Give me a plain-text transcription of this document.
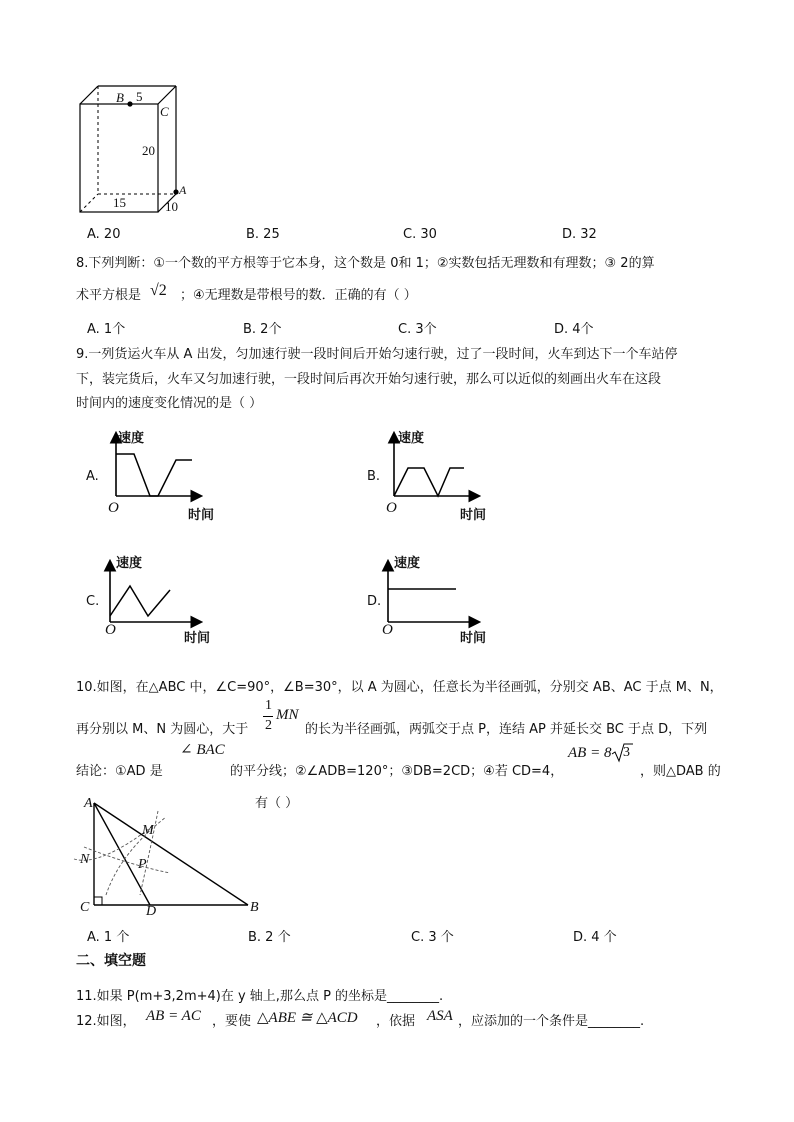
B 5
C
20
A
15	10
A. 20	B. 25	C. 30	D. 32
8.下列判断：①一个数的平方根等于它本身，这个数是 0和 1；②实数包括无理数和有理数；③ 2的算
术平方根是 √2 ；④无理数是带根号的数．正确的有（ ）
A. 1个	B. 2个	C. 3个	D. 4个
9.一列货运火车从 A 出发，匀加速行驶一段时间后开始匀速行驶，过了一段时间，火车到达下一个车站停
下，装完货后，火车又匀加速行驶，一段时间后再次开始匀速行驶，那么可以近似的刻画出火车在这段
时间内的速度变化情况的是（ ）
A.
速度
O	时间
B.
速度
O	时间
C.
速度
O
时间
D.
速度
O
时间
10.如图，在△ABC 中，∠C=90°，∠B=30°，以 A 为圆心，任意长为半径画弧，分别交 AB、AC 于点 M、N，
再分别以 M、N 为圆心，大于
1
2
MN
的长为半径画弧，两弧交于点 P，连结 AP 并延长交 BC 于点 D，下列
∠ BAC	AB = 8 3
结论：①AD 是	的平分线；②∠ADB=120°；③DB=2CD；④若 CD=4，	，则△DAB 的
有（ ）
A
M
N	P
C	D	B
A. 1 个	B. 2 个	C. 3 个	D. 4 个
二、填空题
11.如果 P(m+3,2m+4)在 y 轴上,那么点 P 的坐标是________.
12.如图， AB = AC ，要使 △ABE ≅ △ACD ，依据 ASA ，应添加的一个条件是________.
